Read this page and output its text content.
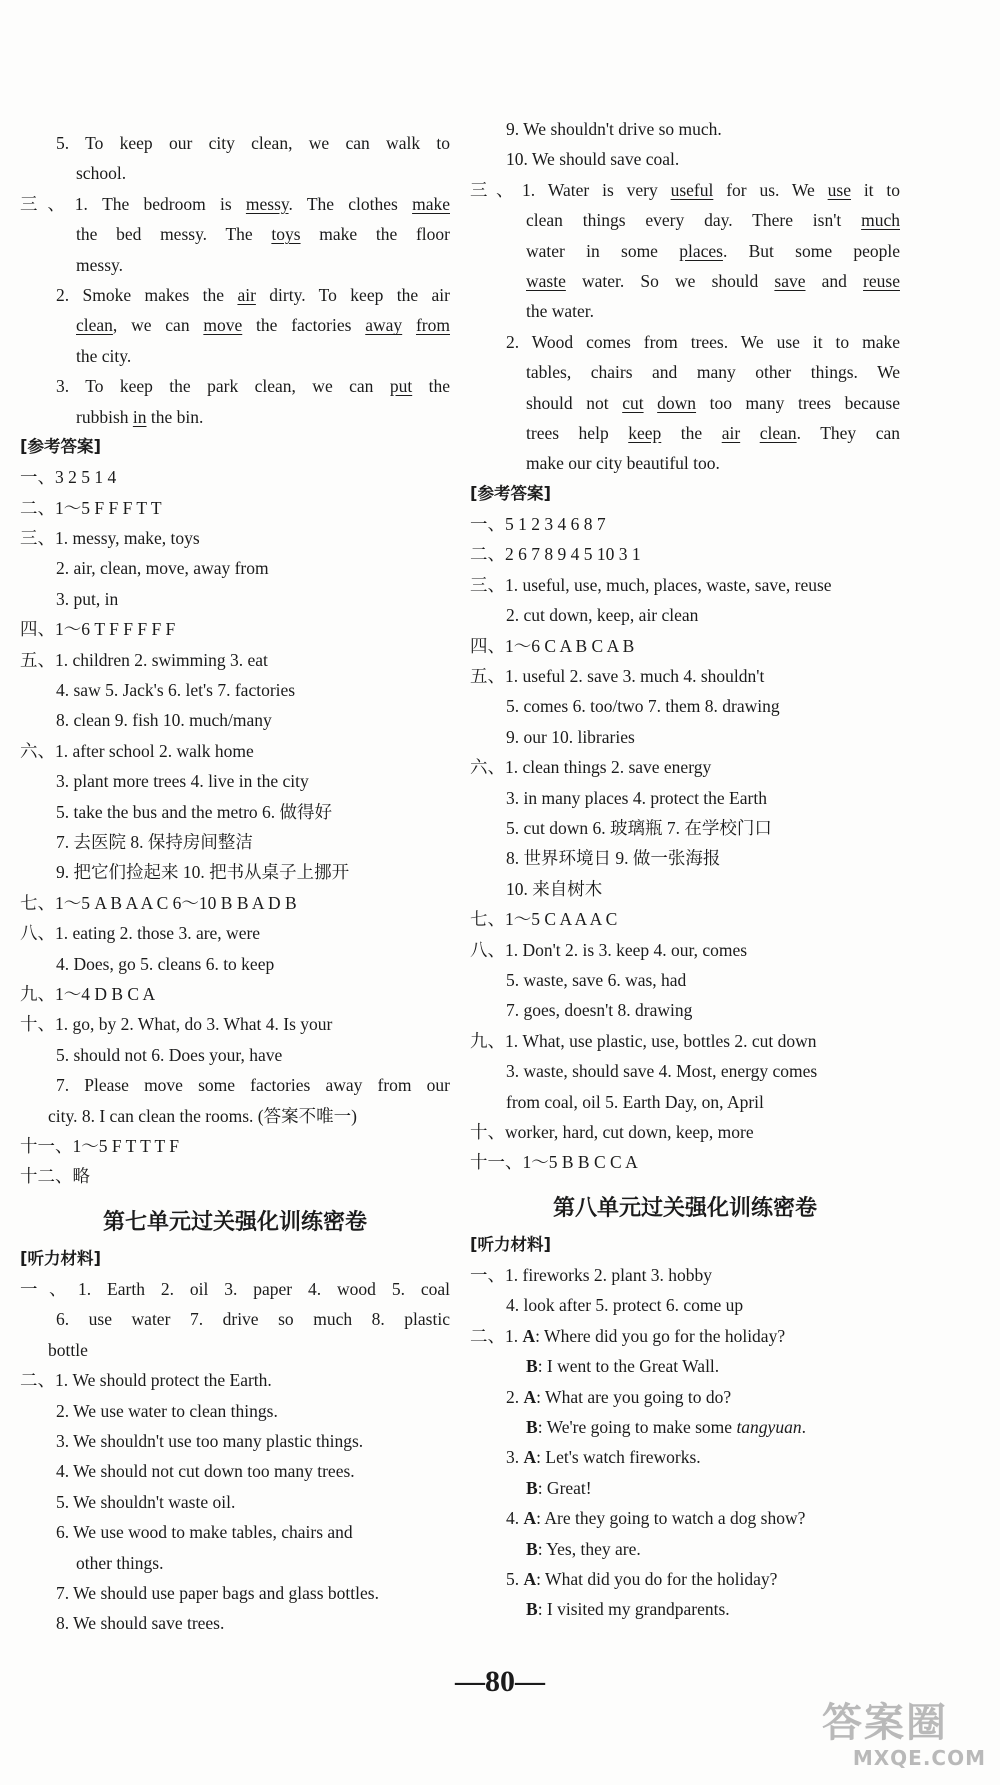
5. To keep our city clean, we can walk to
school.
三、1. The bedroom is messy. The clothes make
the bed messy. The toys make the floor
messy.
2. Smoke makes the air dirty. To keep the air
clean, we can move the factories away from
the city.
3. To keep the park clean, we can put the
rubbish in the bin.
[参考答案]
一、3 2 5 1 4
二、1～5 F F F T T
三、1. messy, make, toys
2. air, clean, move, away from
3. put, in
四、1～6 T F F F F F
五、1. children 2. swimming 3. eat
4. saw 5. Jack's 6. let's 7. factories
8. clean 9. fish 10. much/many
六、1. after school 2. walk home
3. plant more trees 4. live in the city
5. take the bus and the metro 6. 做得好
7. 去医院 8. 保持房间整洁
9. 把它们捡起来 10. 把书从桌子上挪开
七、1～5 A B A A C 6～10 B B A D B
八、1. eating 2. those 3. are, were
4. Does, go 5. cleans 6. to keep
九、1～4 D B C A
十、1. go, by 2. What, do 3. What 4. Is your
5. should not 6. Does your, have
7. Please move some factories away from our
city. 8. I can clean the rooms. (答案不唯一)
十一、1～5 F T T T F
十二、略
第七单元过关强化训练密卷
[听力材料]
一、1. Earth 2. oil 3. paper 4. wood 5. coal
6. use water 7. drive so much 8. plastic
bottle
二、1. We should protect the Earth.
2. We use water to clean things.
3. We shouldn't use too many plastic things.
4. We should not cut down too many trees.
5. We shouldn't waste oil.
6. We use wood to make tables, chairs and
other things.
7. We should use paper bags and glass bottles.
8. We should save trees.
9. We shouldn't drive so much.
10. We should save coal.
三、1. Water is very useful for us. We use it to
clean things every day. There isn't much
water in some places. But some people
waste water. So we should save and reuse
the water.
2. Wood comes from trees. We use it to make
tables, chairs and many other things. We
should not cut down too many trees because
trees help keep the air clean. They can
make our city beautiful too.
[参考答案]
一、5 1 2 3 4 6 8 7
二、2 6 7 8 9 4 5 10 3 1
三、1. useful, use, much, places, waste, save, reuse
2. cut down, keep, air clean
四、1～6 C A B C A B
五、1. useful 2. save 3. much 4. shouldn't
5. comes 6. too/two 7. them 8. drawing
9. our 10. libraries
六、1. clean things 2. save energy
3. in many places 4. protect the Earth
5. cut down 6. 玻璃瓶 7. 在学校门口
8. 世界环境日 9. 做一张海报
10. 来自树木
七、1～5 C A A A C
八、1. Don't 2. is 3. keep 4. our, comes
5. waste, save 6. was, had
7. goes, doesn't 8. drawing
九、1. What, use plastic, use, bottles 2. cut down
3. waste, should save 4. Most, energy comes
from coal, oil 5. Earth Day, on, April
十、worker, hard, cut down, keep, more
十一、1～5 B B C C A
第八单元过关强化训练密卷
[听力材料]
一、1. fireworks 2. plant 3. hobby
4. look after 5. protect 6. come up
二、1. A: Where did you go for the holiday?
B: I went to the Great Wall.
2. A: What are you going to do?
B: We're going to make some tangyuan.
3. A: Let's watch fireworks.
B: Great!
4. A: Are they going to watch a dog show?
B: Yes, they are.
5. A: What did you do for the holiday?
B: I visited my grandparents.
—80—
答案圈
MXQE.COM
